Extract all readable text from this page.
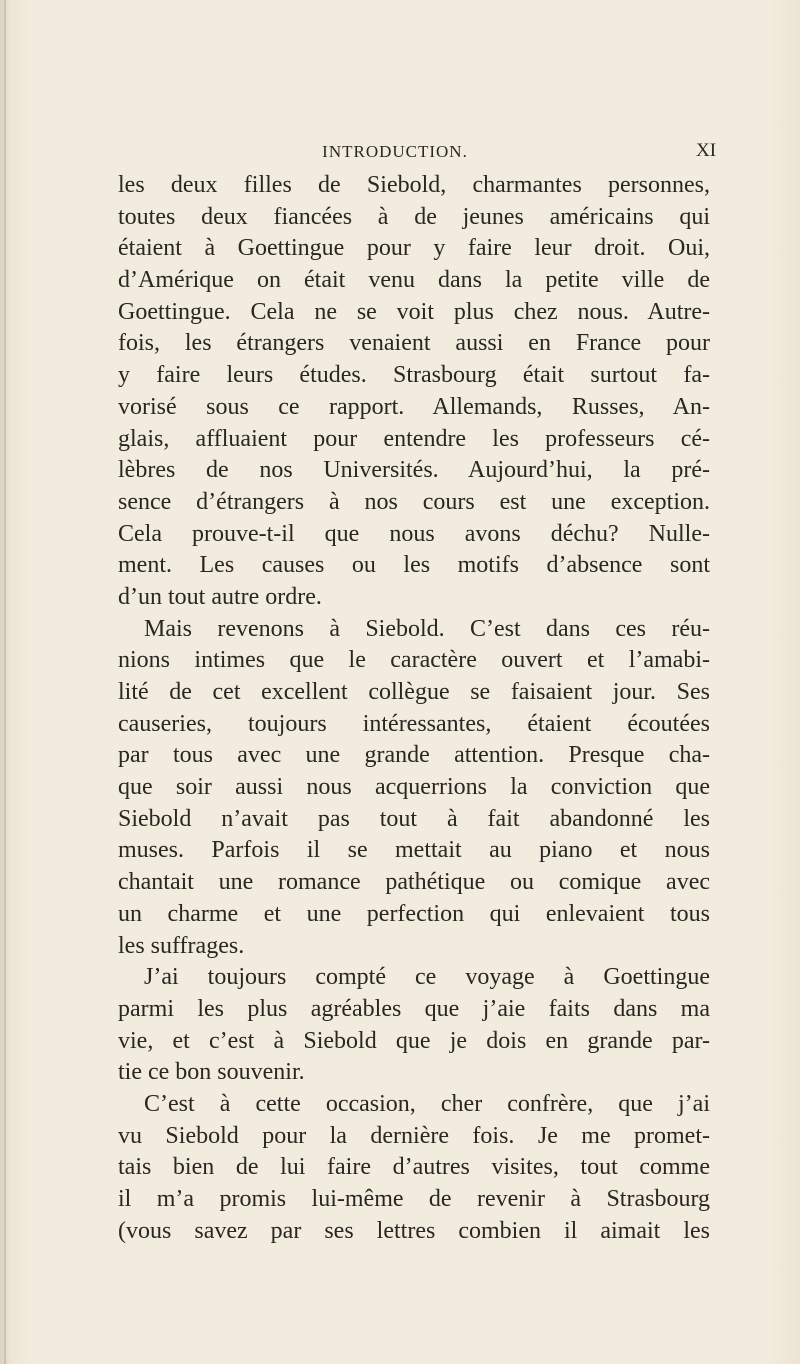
INTRODUCTION.	XI
les deux filles de Siebold, charmantes personnes,
toutes deux fiancées à de jeunes américains qui
étaient à Goettingue pour y faire leur droit. Oui,
d’Amérique on était venu dans la petite ville de
Goettingue. Cela ne se voit plus chez nous. Autre-
fois, les étrangers venaient aussi en France pour
y faire leurs études. Strasbourg était surtout fa-
vorisé sous ce rapport. Allemands, Russes, An-
glais, affluaient pour entendre les professeurs cé-
lèbres de nos Universités. Aujourd’hui, la pré-
sence d’étrangers à nos cours est une exception.
Cela prouve-t-il que nous avons déchu? Nulle-
ment. Les causes ou les motifs d’absence sont
d’un tout autre ordre.
Mais revenons à Siebold. C’est dans ces réu-
nions intimes que le caractère ouvert et l’amabi-
lité de cet excellent collègue se faisaient jour. Ses
causeries, toujours intéressantes, étaient écoutées
par tous avec une grande attention. Presque cha-
que soir aussi nous acquerrions la conviction que
Siebold n’avait pas tout à fait abandonné les
muses. Parfois il se mettait au piano et nous
chantait une romance pathétique ou comique avec
un charme et une perfection qui enlevaient tous
les suffrages.
J’ai toujours compté ce voyage à Goettingue
parmi les plus agréables que j’aie faits dans ma
vie, et c’est à Siebold que je dois en grande par-
tie ce bon souvenir.
C’est à cette occasion, cher confrère, que j’ai
vu Siebold pour la dernière fois. Je me promet-
tais bien de lui faire d’autres visites, tout comme
il m’a promis lui-même de revenir à Strasbourg
(vous savez par ses lettres combien il aimait les
